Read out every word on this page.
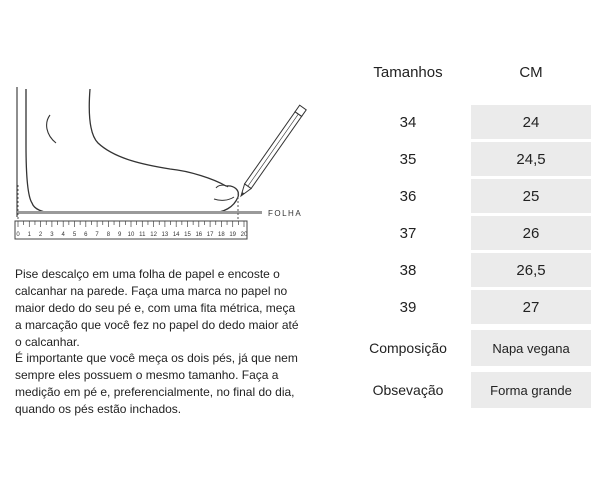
FOLHA
0 1 2 3 4 5 6 7 8 9 10 11 12 13 14 15 16 17 18 19 20
Pise descalço em uma folha de papel e encoste o calcanhar na parede. Faça uma marca no papel no maior dedo do seu pé e, com uma fita métrica, meça a marcação que você fez no papel do dedo maior até o calcanhar.
É importante que você meça os dois pés, já que nem sempre eles possuem o mesmo tamanho. Faça a medição em pé e, preferencialmente, no final do dia, quando os pés estão inchados.
Tamanhos	CM
34	24
35	24,5
36	25
37	26
38	26,5
39	27
Composição	Napa vegana
Obsevação	Forma grande
